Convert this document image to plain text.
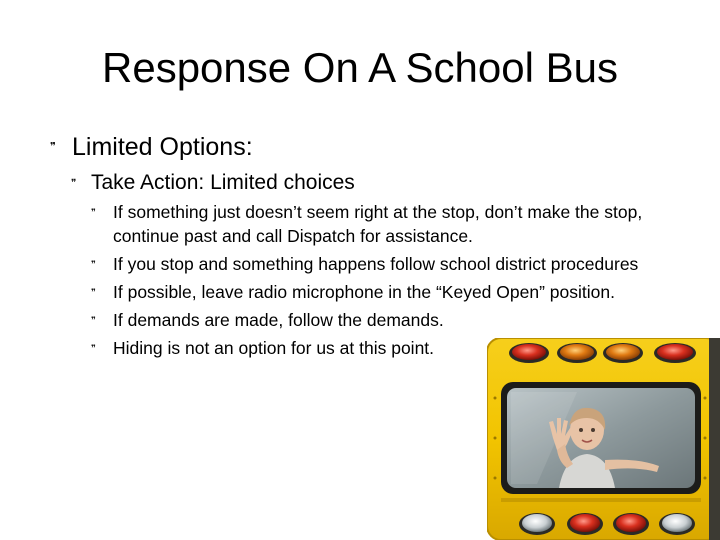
Response On A School Bus
❞ Limited Options:
❞ Take Action: Limited choices
❞ If something just doesn’t seem right at the stop, don’t make the stop, continue past and call Dispatch for assistance.
❞ If you stop and something happens follow school district procedures
❞ If possible, leave radio microphone in the “Keyed Open” position.
❞ If demands are made, follow the demands.
❞ Hiding is not an option for us at this point.
